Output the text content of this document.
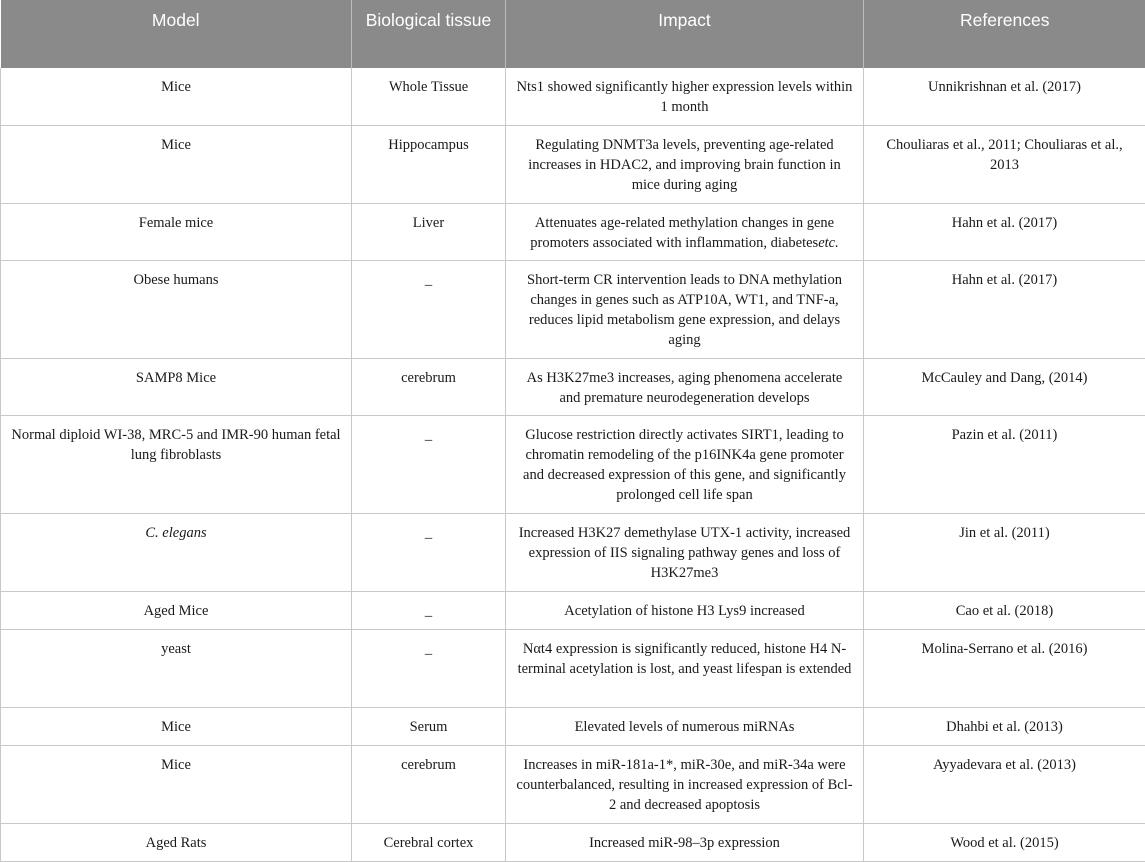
Model	Biological tissue	Impact	References
Mice	Whole Tissue	Nts1 showed significantly higher expression levels within 1 month	Unnikrishnan et al. (2017)
Mice	Hippocampus	Regulating DNMT3a levels, preventing age-related increases in HDAC2, and improving brain function in mice during aging	Chouliaras et al., 2011; Chouliaras et al., 2013
Female mice	Liver	Attenuates age-related methylation changes in gene promoters associated with inflammation, diabetesetc.	Hahn et al. (2017)
Obese humans	_	Short-term CR intervention leads to DNA methylation changes in genes such as ATP10A, WT1, and TNF-a, reduces lipid metabolism gene expression, and delays aging	Hahn et al. (2017)
SAMP8 Mice	cerebrum	As H3K27me3 increases, aging phenomena accelerate and premature neurodegeneration develops	McCauley and Dang, (2014)
Normal diploid WI-38, MRC-5 and IMR-90 human fetal lung fibroblasts	_	Glucose restriction directly activates SIRT1, leading to chromatin remodeling of the p16INK4a gene promoter and decreased expression of this gene, and significantly prolonged cell life span	Pazin et al. (2011)
C. elegans	_	Increased H3K27 demethylase UTX-1 activity, increased expression of IIS signaling pathway genes and loss of H3K27me3	Jin et al. (2011)
Aged Mice	_	Acetylation of histone H3 Lys9 increased	Cao et al. (2018)
yeast	_	Nαt4 expression is significantly reduced, histone H4 N-terminal acetylation is lost, and yeast lifespan is extended	Molina-Serrano et al. (2016)
Mice	Serum	Elevated levels of numerous miRNAs	Dhahbi et al. (2013)
Mice	cerebrum	Increases in miR-181a-1*, miR-30e, and miR-34a were counterbalanced, resulting in increased expression of Bcl-2 and decreased apoptosis	Ayyadevara et al. (2013)
Aged Rats	Cerebral cortex	Increased miR-98–3p expression	Wood et al. (2015)
